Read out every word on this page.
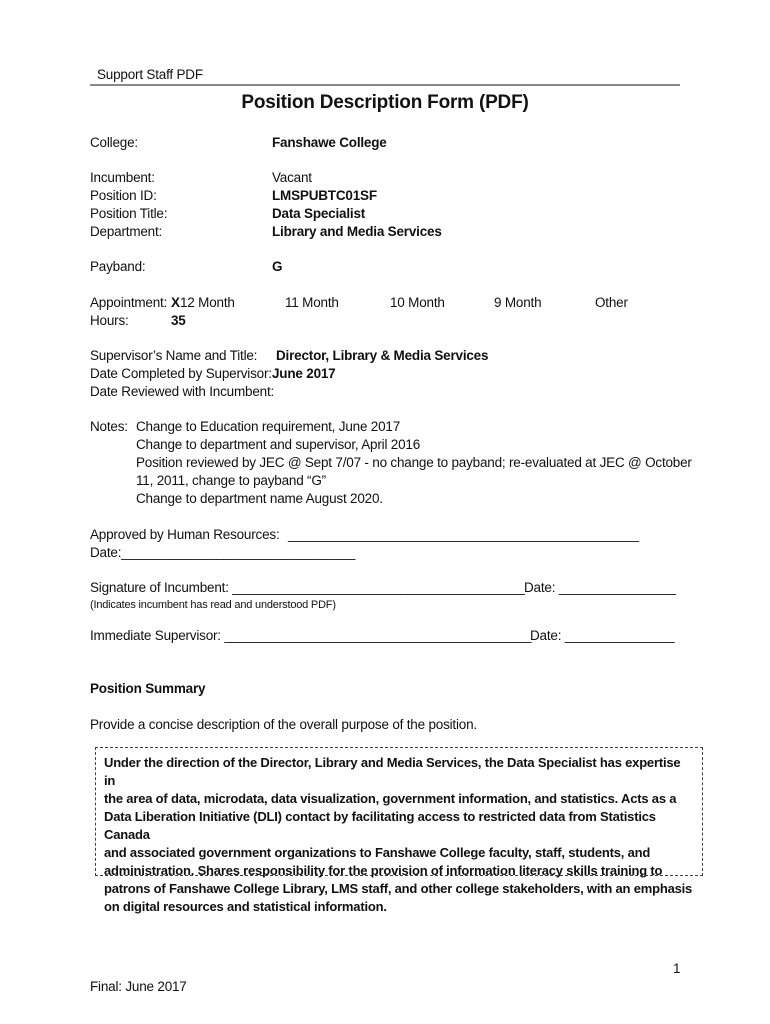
Support Staff PDF
Position Description Form (PDF)
College:	Fanshawe College
Incumbent:	Vacant
Position ID:	LMSPUBTC01SF
Position Title:	Data Specialist
Department:	Library and Media Services
Payband:	G
Appointment: X 12 Month	11 Month	10 Month	9 Month	Other
Hours:	35
Supervisor’s Name and Title: Director, Library & Media Services
Date Completed by Supervisor: June 2017
Date Reviewed with Incumbent:
Notes: Change to Education requirement, June 2017
Change to department and supervisor, April 2016
Position reviewed by JEC @ Sept 7/07 - no change to payband; re-evaluated at JEC @ October
11, 2011, change to payband “G”
Change to department name August 2020.
Approved by Human Resources: ________________________________________________
Date:________________________________
Signature of Incumbent: ________________________________________ Date: ________________
(Indicates incumbent has read and understood PDF)
Immediate Supervisor: __________________________________________
Date: _______________
Position Summary
Provide a concise description of the overall purpose of the position.

Under the direction of the Director, Library and Media Services, the Data Specialist has expertise in

the area of data, microdata, data visualization, government information, and statistics. Acts as a

Data Liberation Initiative (DLI) contact by facilitating access to restricted data from Statistics Canada

and associated government organizations to Fanshawe College faculty, staff, students, and

administration. Shares responsibility for the provision of information literacy skills training to

patrons of Fanshawe College Library, LMS staff, and other college stakeholders, with an emphasis

on digital resources and statistical information.

1
Final: June 2017
